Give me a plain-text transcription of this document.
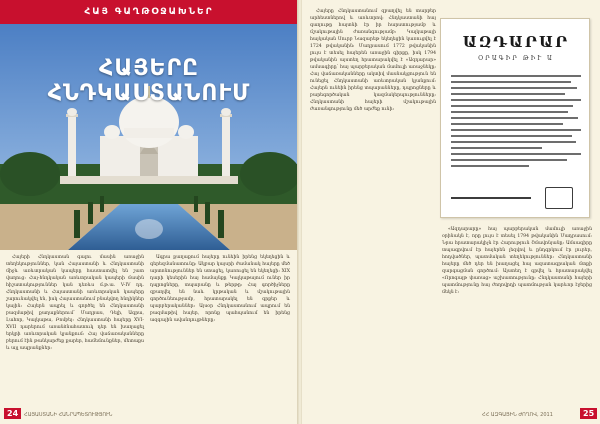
ՀԱՅ ԳԱՂԹՕՋԱԽՆԵՐ
ՀԱՅԵՐԸ ՀՆԴԿԱՍՏԱՆՈՒՄ

Հայերի Հնդկաստան գալու մասին առաջին տեղեկություններ, կան Հայաստանի և Հնդկաստանի միջև առևտրական կապերը հաստատվել են շատ վաղուց։ Հայ-հնդկական առևտրական կապերի մասին հիշատակություններ կան դեռևս մ.թ.ա. V-IV դդ. Հնդկաստանի և Հայաստանի առևտրական կապերը շարունակվել են, իսկ Հայաստանում բնակվող հնդիկներ կային։ Հայերն ապրել և գործել են Հնդկաստանի բազմաթիվ քաղաքներում՝ Մադրաս, Դելի, Ագրա, Լահոր, Կալկաթա, Բոմբեյ։ Հնդկաստանի հայերը XVI-XVII դարերում առանձնահատուկ դեր են խաղացել երկրի առևտրական կյանքում։ Հայ վաճառականները բերում էին թանկարժեք քարեր, համեմունքներ, մետաքս և այլ ապրանքներ։

Ագրա քաղաքում հայերը ունեին իրենց եկեղեցին և գերեզմանատունը։ Ակբար կայսրի ժամանակ հայերը մեծ արտոնություններ են ստացել, կառուցել են եկեղեցի։ XIX դարի կեսերին հայ համայնքը Կալկաթայում ուներ իր դպրոցները, տպարանը և թերթը։ Հայ գործիչները զբաղվել են նաև կրթական և մշակութային գործունեությամբ, հրատարակել են գրքեր և պարբերականներ։ Այսօր Հնդկաստանում ապրում են բազմաթիվ հայեր, որոնք պահպանում են իրենց ազգային ավանդույթները։

24	ՀԱՅԱՍՏԱՆԻ ՀԱՆՐԱՊԵՏՈՒԹՅՈՒՆ

Հայերը Հնդկաստանում զբաղվել են տարբեր արհեստներով և առևտրով։ Հնդկաստանի հայ գաղութը հայտնի էր իր հարստությամբ և մշակութային ժառանգությամբ։ Կալկաթայի հայկական Սուրբ Նազարեթ եկեղեցին կառուցվել է 1724 թվականին։ Մադրասում 1772 թվականին լույս է տեսել հայերեն առաջին գիրքը, իսկ 1794 թվականին այստեղ հրատարակվել է «Ազդարար» ամսագիրը՝ հայ պարբերական մամուլի առաջնեկը։ Հայ վաճառականները ակտիվ մասնակցություն են ունեցել Հնդկաստանի առևտրական կյանքում։ Հայերն ունեին իրենց տպարանները, դպրոցները և բարեգործական կազմակերպությունները։ Հնդկաստանի հայերի մշակութային ժառանգությունը մեծ արժեք ունի։

«Ազդարարը» հայ պարբերական մամուլի առաջին օրինակն է, որը լույս է տեսել 1794 թվականին Մադրասում։ Նրա հրատարակիչն էր Հարություն Շմավոնյանը։ Ամսագիրը տպագրվում էր հայերեն լեզվով և ընդգրկում էր լուրեր, հոդվածներ, պատմական տեղեկություններ։ Հնդկաստանի հայերը մեծ դեր են խաղացել հայ ազատագրական մտքի զարգացման գործում։ Այստեղ է գրվել և հրատարակվել «Որոգայթ փառաց» աշխատությունը։ Հնդկաստանի հայերի պատմությունը հայ ժողովրդի պատմության կարևոր էջերից մեկն է։

ՀՀ ԱԶԳԱՅԻՆ ԺՈՂՈՎ, 2011	25
ԱԶԴԱՐԱՐ
ՕՐԱԳԻՐ ԹԻՒ Ա
